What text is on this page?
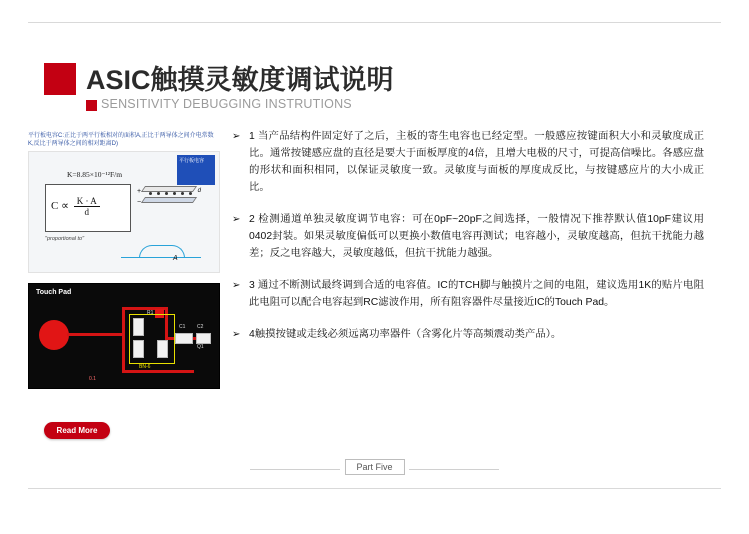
ASIC触摸灵敏度调试说明
SENSITIVITY DEBUGGING INSTRUTIONS
平行板电容C:正比于两平行板相对的面积A,正比于两导体之间介电常数K,反比于两导体之间的相对距离D)
平行板电容
K=8.85×10⁻¹²F/m
$C \propto \frac{K \cdot A}{d}$
"proportional to"
d
+
−
A
Touch Pad
BN-6
R1
C1 C2
Q1
0.1
Read More
➢ 1 当产品结构件固定好了之后，主板的寄生电容也已经定型。一般感应按键面积大小和灵敏度成正比。通常按键感应盘的直径是要大于面板厚度的4倍，且增大电极的尺寸，可提高信噪比。各感应盘的形状和面积相同，以保证灵敏度一致。灵敏度与面板的厚度成反比，与按键感应片的大小成正比。
➢ 2 检测通道单独灵敏度调节电容：可在0pF~20pF之间选择，一般情况下推荐默认值10pF建议用0402封装。如果灵敏度偏低可以更换小数值电容再测试；电容越小，灵敏度越高，但抗干扰能力越差；反之电容越大，灵敏度越低，但抗干扰能力越强。
➢ 3 通过不断测试最终调到合适的电容值。IC的TCH脚与触摸片之间的电阻，建议选用1K的贴片电阻此电阻可以配合电容起到RC滤波作用，所有阻容器件尽量接近IC的Touch Pad。
➢ 4触摸按键或走线必须远离功率器件（含雾化片等高频震动类产品）。
Part Five
